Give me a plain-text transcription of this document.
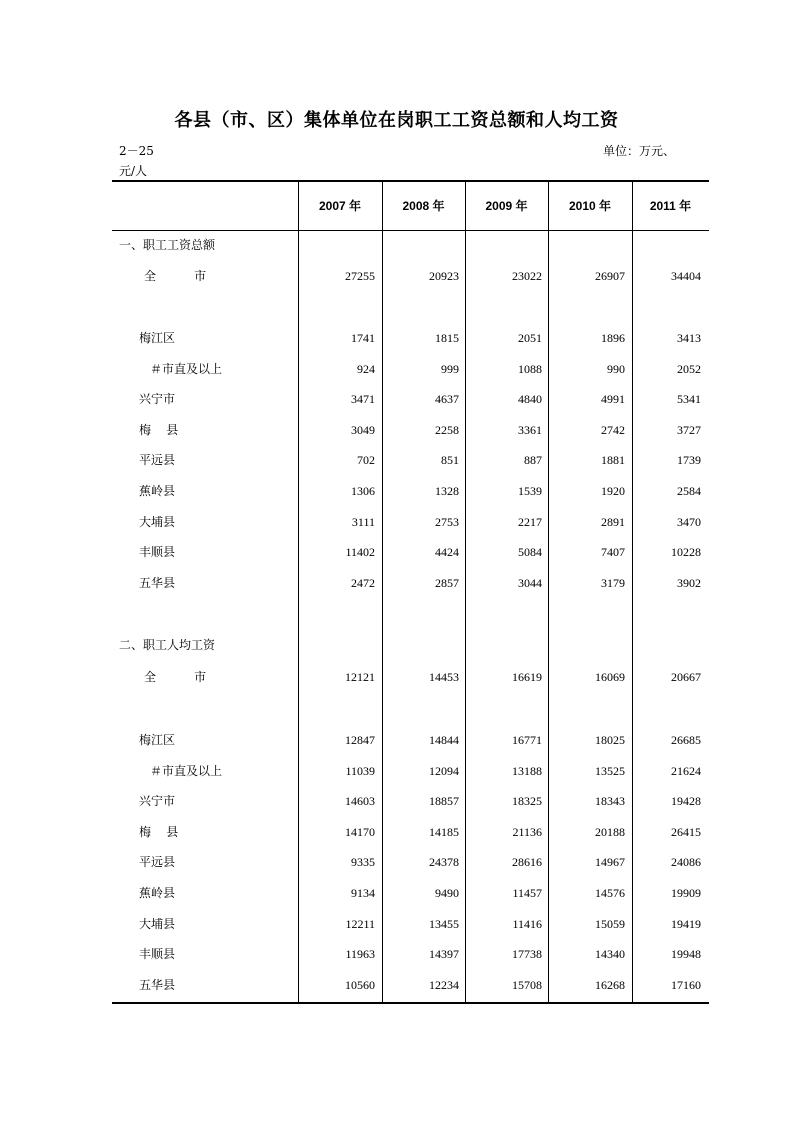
各县（市、区）集体单位在岗职工工资总额和人均工资
2－25	单位：万元、
元/人
2007 年	2008 年	2009 年	2010 年	2011 年
一、职工工资总额
全          市	27255	20923	23022	26907	34404
梅江区	1741	1815	2051	1896	3413
＃市直及以上	924	999	1088	990	2052
兴宁市	3471	4637	4840	4991	5341
梅    县	3049	2258	3361	2742	3727
平远县	702	851	887	1881	1739
蕉岭县	1306	1328	1539	1920	2584
大埔县	3111	2753	2217	2891	3470
丰顺县	11402	4424	5084	7407	10228
五华县	2472	2857	3044	3179	3902
二、职工人均工资
全          市	12121	14453	16619	16069	20667
梅江区	12847	14844	16771	18025	26685
＃市直及以上	11039	12094	13188	13525	21624
兴宁市	14603	18857	18325	18343	19428
梅    县	14170	14185	21136	20188	26415
平远县	9335	24378	28616	14967	24086
蕉岭县	9134	9490	11457	14576	19909
大埔县	12211	13455	11416	15059	19419
丰顺县	11963	14397	17738	14340	19948
五华县	10560	12234	15708	16268	17160
